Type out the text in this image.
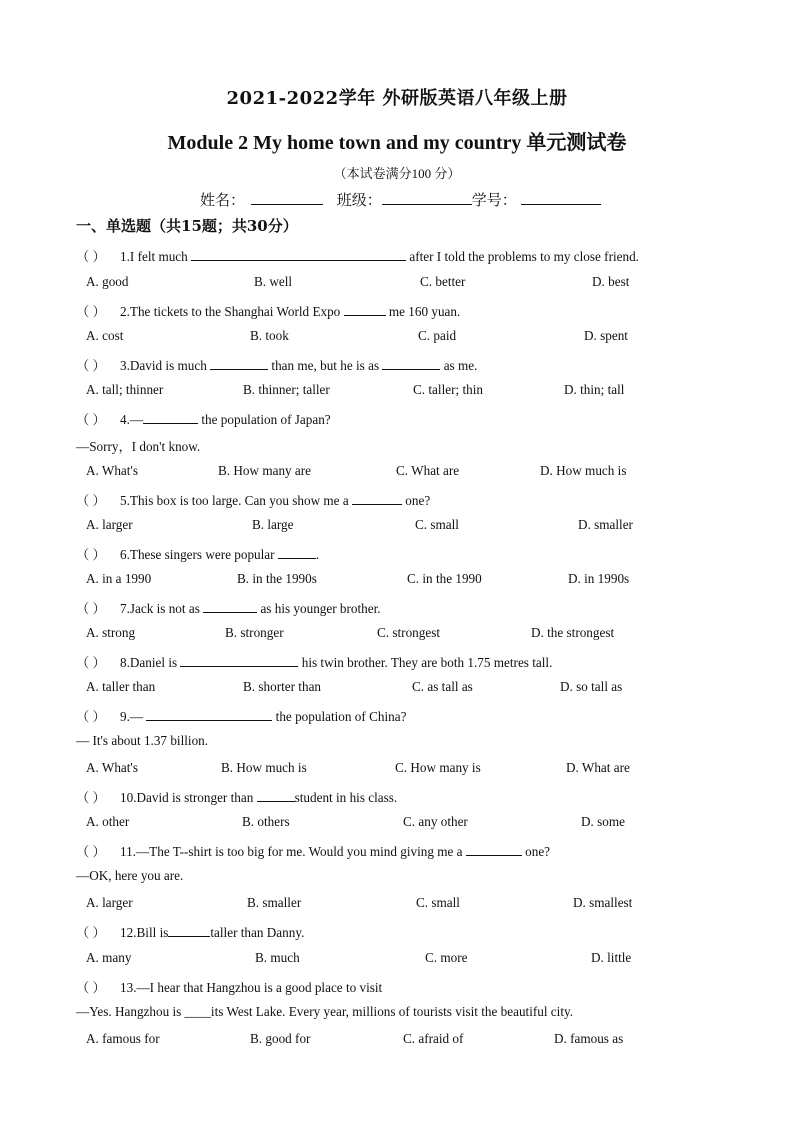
2021-2022学年 外研版英语八年级上册
Module 2 My home town and my country 单元测试卷
（本试卷满分100 分）
姓名：	班级：	学号：
一、单选题（共15题；共30分）
（ ） 1.I felt much	after I told the problems to my close friend.
A. good	B. well	C. better	D. best
（ ） 2.The tickets to the Shanghai World Expo	me 160 yuan.
A. cost	B. took	C. paid	D. spent
（ ） 3.David is much	than me, but he is as	as me.
A. tall; thinner	B. thinner; taller	C. taller; thin	D. thin; tall
（ ） 4.—	the population of Japan?
—Sorry，I don't know.
A. What's	B. How many are	C. What are	D. How much is
（ ） 5.This box is too large. Can you show me a	one?
A. larger	B. large	C. small	D. smaller
（ ） 6.These singers were popular	.
A. in a 1990	B. in the 1990s	C. in the 1990	D. in 1990s
（ ） 7.Jack is not as	as his younger brother.
A. strong	B. stronger	C. strongest	D. the strongest
（ ） 8.Daniel is	his twin brother. They are both 1.75 metres tall.
A. taller than	B. shorter than	C. as tall as	D. so tall as
（ ） 9.—	the population of China?
— It's about 1.37 billion.
A. What's	B. How much is	C. How many is	D. What are
（ ） 10.David is stronger than	student in his class.
A. other	B. others	C. any other	D. some
（ ） 11.—The T--shirt is too big for me. Would you mind giving me a	one?
—OK, here you are.
A. larger	B. smaller	C. small	D. smallest
（ ） 12.Bill is	taller than Danny.
A. many	B. much	C. more	D. little
（ ） 13.—I hear that Hangzhou is a good place to visit
—Yes. Hangzhou is ____its West Lake. Every year, millions of tourists visit the beautiful city.
A. famous for	B. good for	C. afraid of	D. famous as
